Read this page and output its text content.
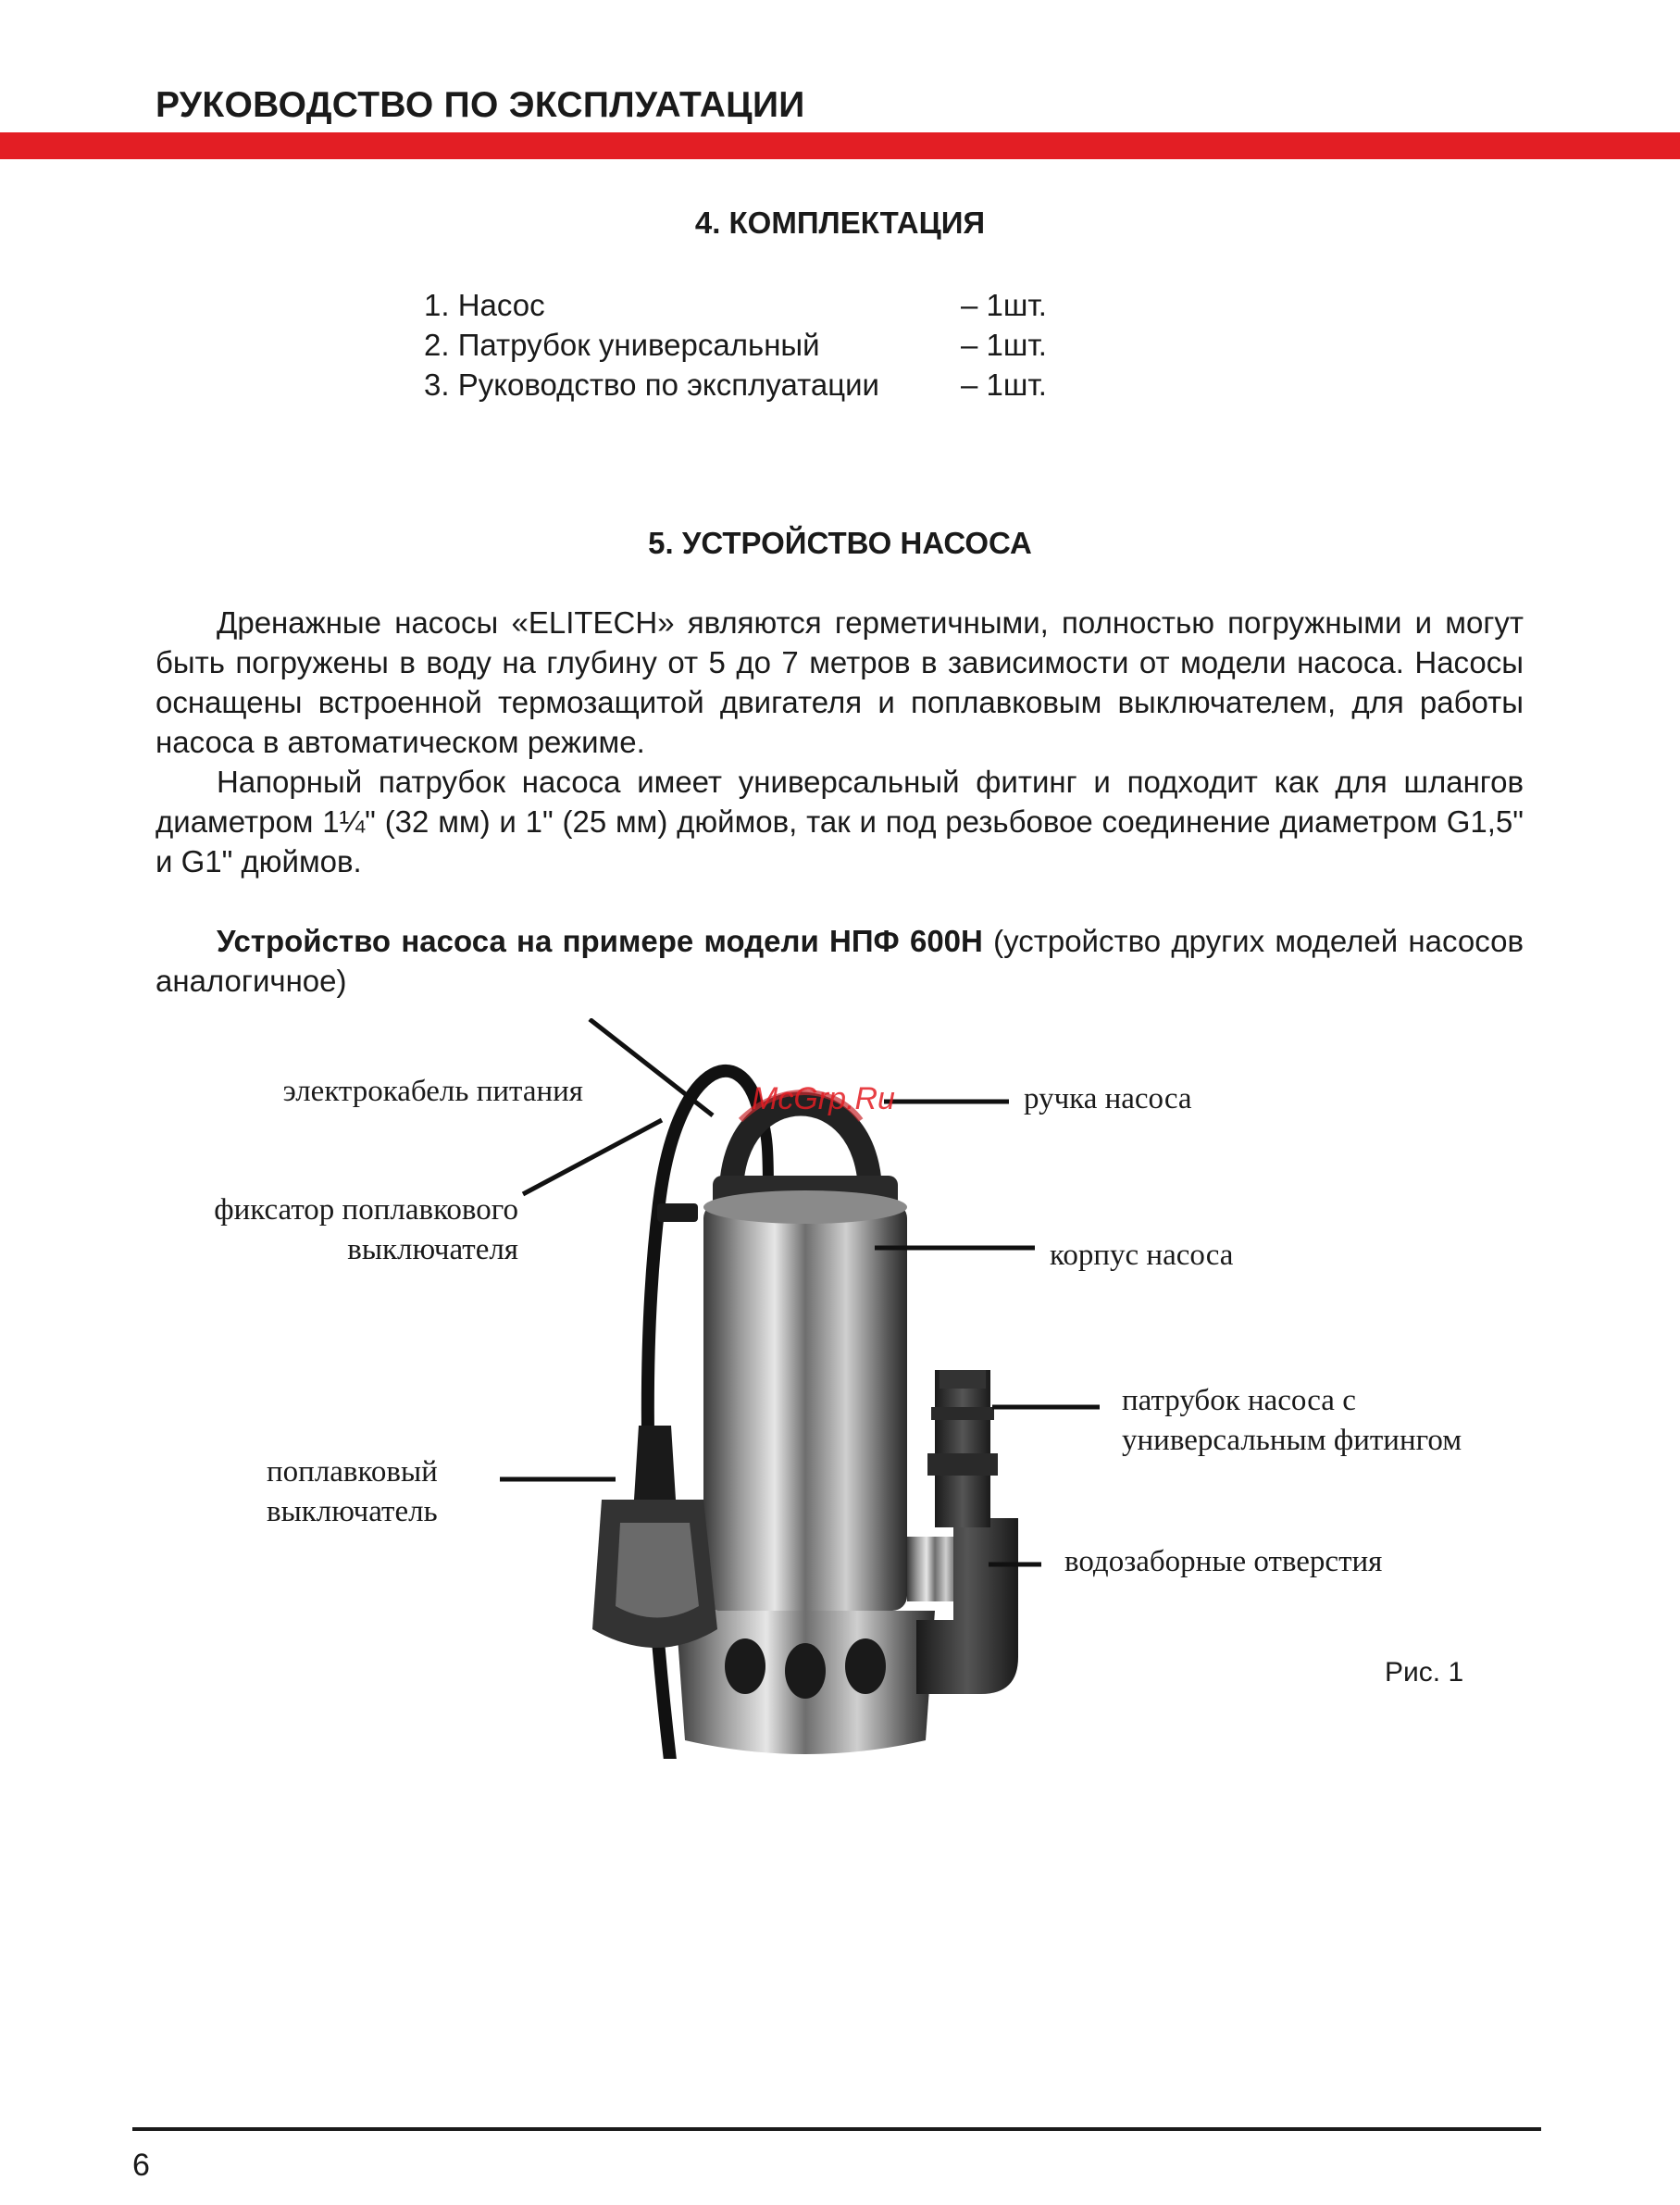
РУКОВОДСТВО ПО ЭКСПЛУАТАЦИИ
4. КОМПЛЕКТАЦИЯ
1. Насос	– 1шт.
2. Патрубок универсальный	– 1шт.
3. Руководство по эксплуатации	– 1шт.
5. УСТРОЙСТВО НАСОСА

Дренажные насосы «ELITECH» являются герметичными, полностью погружными и могут быть погружены в воду на глубину от 5 до 7 метров в зависимости от модели насоса. Насосы оснащены встроенной термозащитой двигателя и поплавковым выключателем, для работы насоса в автоматическом режиме.

Напорный патрубок насоса имеет универсальный фитинг и подходит как для шлангов диаметром 1¼" (32 мм) и 1" (25 мм) дюймов, так и под резьбовое соединение диаметром G1,5" и G1" дюймов.

Устройство насоса на примере модели НПФ 600Н (устройство других моделей насосов аналогичное)

McGrp.Ru
электрокабель питания
фиксатор поплавкового
выключателя
поплавковый
выключатель
ручка насоса
корпус насоса
патрубок насоса с
универсальным фитингом
водозаборные отверстия
Рис. 1
6
